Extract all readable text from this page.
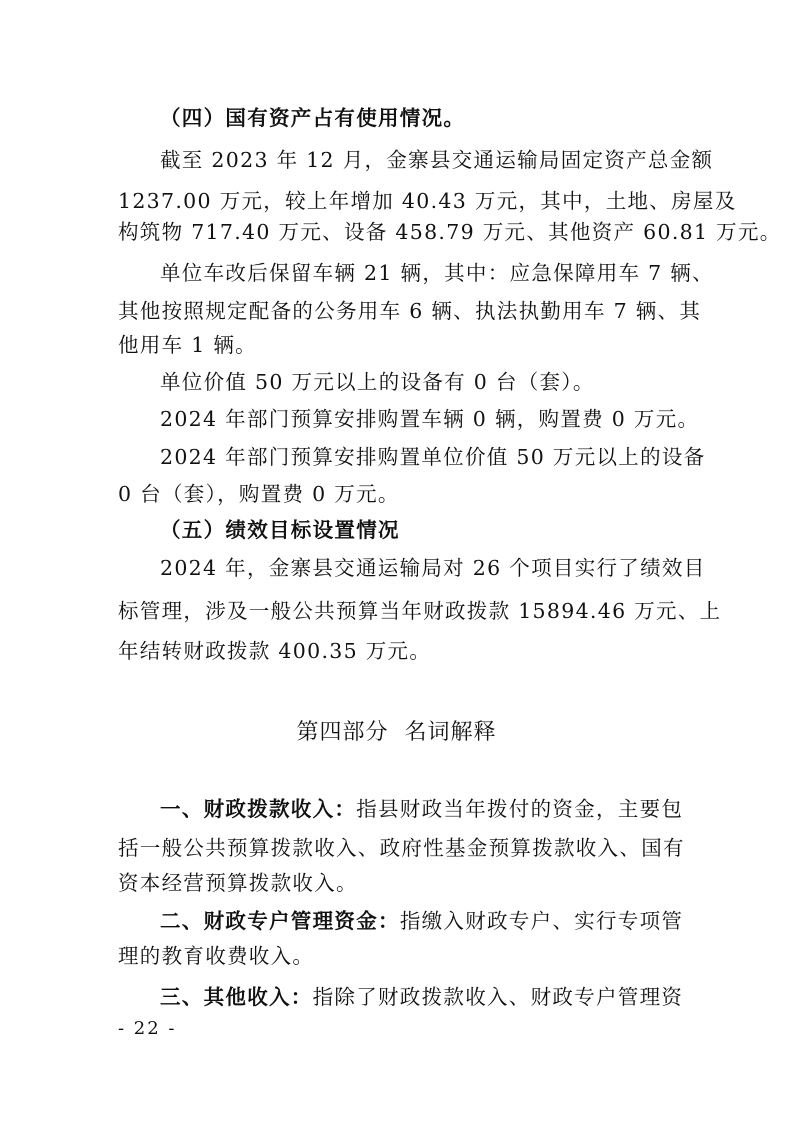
（四）国有资产占有使用情况。
截至 2023 年 12 月，金寨县交通运输局固定资产总金额
1237.00 万元，较上年增加 40.43 万元，其中，土地、房屋及
构筑物 717.40 万元、设备 458.79 万元、其他资产 60.81 万元。
单位车改后保留车辆 21 辆，其中：应急保障用车 7 辆、
其他按照规定配备的公务用车 6 辆、执法执勤用车 7 辆、其
他用车 1 辆。
单位价值 50 万元以上的设备有 0 台（套）。
2024 年部门预算安排购置车辆 0 辆，购置费 0 万元。
2024 年部门预算安排购置单位价值 50 万元以上的设备
0 台（套），购置费 0 万元。
（五）绩效目标设置情况
2024 年，金寨县交通运输局对 26 个项目实行了绩效目
标管理，涉及一般公共预算当年财政拨款 15894.46 万元、上
年结转财政拨款 400.35 万元。
第四部分  名词解释
一、财政拨款收入：指县财政当年拨付的资金，主要包
括一般公共预算拨款收入、政府性基金预算拨款收入、国有
资本经营预算拨款收入。
二、财政专户管理资金：指缴入财政专户、实行专项管
理的教育收费收入。
三、其他收入：指除了财政拨款收入、财政专户管理资
- 22 -
